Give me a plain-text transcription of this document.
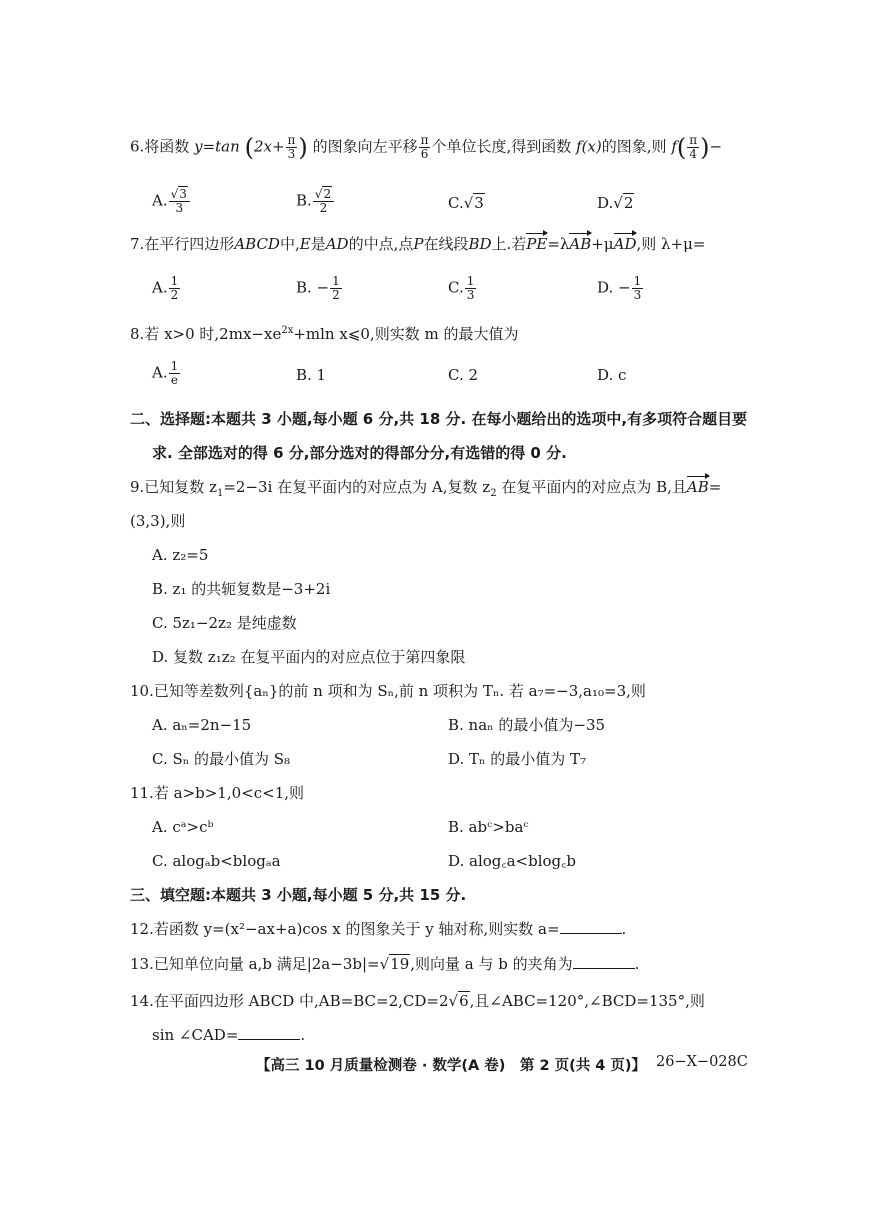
6.将函数 y=tan ($2x+ \frac{\pi}{3}$ ) 的图象向左平移 $\frac{\pi}{6}$ 个单位长度,得到函数 f(x)的图象,则 $f( \frac{\pi}{4}$ )−
A. $\frac{√3}{3}$	B. $\frac{√2}{2}$	C.√3	D.√2
7.在平行四边形ABCD中,E是AD的中点,点P在线段BD上.若PE=λAB+μAD,则 λ+μ=
A. $\frac{1}{2}$	B. − $\frac{1}{2}$	C. $\frac{1}{3}$	D. − $\frac{1}{3}$
8.若 x>0 时$,2mx-xe^{2x}+mln$ x⩽0,则实数 m 的最大值为
A. $\frac{1}{e}$	B. 1	C. 2	D. c
二、选择题:本题共 3 小题,每小题 6 分,共 18 分. 在每小题给出的选项中,有多项符合题目要
求. 全部选对的得 6 分,部分选对的得部分分,有选错的得 0 分.
9.已知复数 $z_1=2-3i$ 在复平面内的对应点为 A,复数 $z_2$ 在复平面内的对应点为 B,且AB=
(3,3),则
A. z₂=5
B. z₁ 的共轭复数是−3+2i
C. 5z₁−2z₂ 是纯虚数
D. 复数 z₁z₂ 在复平面内的对应点位于第四象限
10.已知等差数列{aₙ}的前 n 项和为 Sₙ,前 n 项积为 Tₙ. 若 a₇=−3,a₁₀=3,则
A. aₙ=2n−15	B. naₙ 的最小值为−35
C. Sₙ 的最小值为 S₈	D. Tₙ 的最小值为 T₇
11.若 a>b>1,0<c<1,则
A. cᵃ>cᵇ	B. abᶜ>baᶜ
C. alogₐb<blogₐa	D. alog꜀a<blog꜀b
三、填空题:本题共 3 小题,每小题 5 分,共 15 分.
12.若函数 y=(x²−ax+a)cos x 的图象关于 y 轴对称,则实数 a=	.
13.已知单位向量 a,b 满足|2a−3b|=√19,则向量 a 与 b 的夹角为	.
14.在平面四边形 ABCD 中,AB=BC=2,CD=2√6,且∠ABC=120°,∠BCD=135°,则
sin ∠CAD=	.
【高三 10 月质量检测卷 · 数学(A 卷)　第 2 页(共 4 页)】 26−X−028C
